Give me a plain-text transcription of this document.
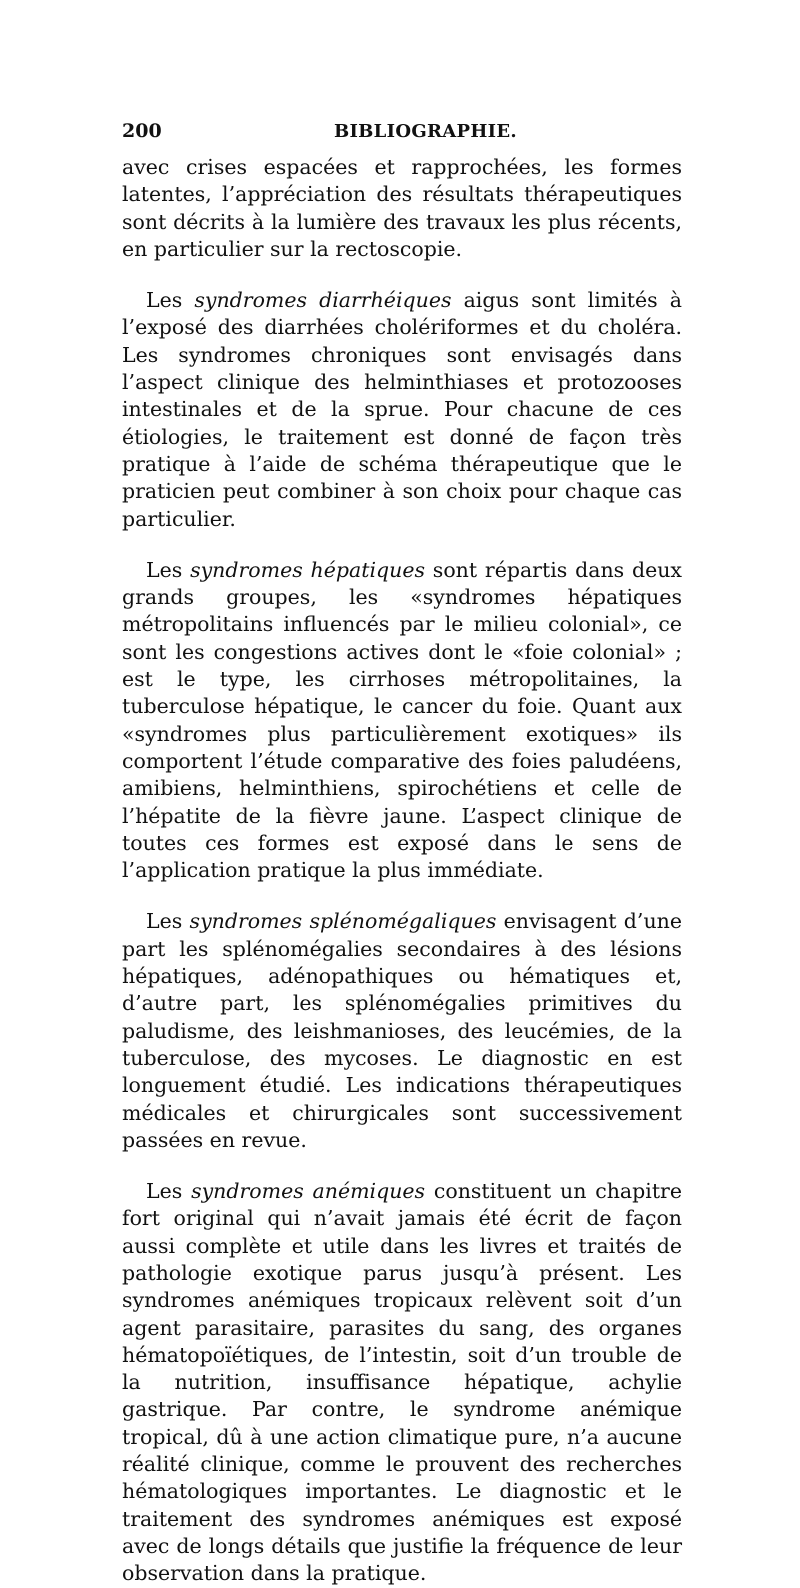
200	BIBLIOGRAPHIE.

avec crises espacées et rapprochées, les formes latentes, l’appréciation des résultats thérapeutiques sont décrits à la lumière des travaux les plus récents, en particulier sur la rectoscopie.

Les syndromes diarrhéiques aigus sont limités à l’exposé des diarrhées cholériformes et du choléra. Les syndromes chroniques sont envisagés dans l’aspect clinique des helminthiases et protozooses intestinales et de la sprue. Pour chacune de ces étiologies, le traitement est donné de façon très pratique à l’aide de schéma thérapeutique que le praticien peut combiner à son choix pour chaque cas particulier.

Les syndromes hépatiques sont répartis dans deux grands groupes, les «syndromes hépatiques métropolitains influencés par le milieu colonial», ce sont les congestions actives dont le «foie colonial» ; est le type, les cirrhoses métropolitaines, la tuberculose hépatique, le cancer du foie. Quant aux «syndromes plus particulièrement exotiques» ils comportent l’étude comparative des foies paludéens, amibiens, helminthiens, spirochétiens et celle de l’hépatite de la fièvre jaune. L’aspect clinique de toutes ces formes est exposé dans le sens de l’application pratique la plus immédiate.

Les syndromes splénomégaliques envisagent d’une part les splénomégalies secondaires à des lésions hépatiques, adénopathiques ou hématiques et, d’autre part, les splénomégalies primitives du paludisme, des leishmanioses, des leucémies, de la tuberculose, des mycoses. Le diagnostic en est longuement étudié. Les indications thérapeutiques médicales et chirurgicales sont successivement passées en revue.

Les syndromes anémiques constituent un chapitre fort original qui n’avait jamais été écrit de façon aussi complète et utile dans les livres et traités de pathologie exotique parus jusqu’à présent. Les syndromes anémiques tropicaux relèvent soit d’un agent parasitaire, parasites du sang, des organes hématopoïétiques, de l’intestin, soit d’un trouble de la nutrition, insuffisance hépatique, achylie gastrique. Par contre, le syndrome anémique tropical, dû à une action climatique pure, n’a aucune réalité clinique, comme le prouvent des recherches hématologiques importantes. Le diagnostic et le traitement des syndromes anémiques est exposé avec de longs détails que justifie la fréquence de leur observation dans la pratique.
